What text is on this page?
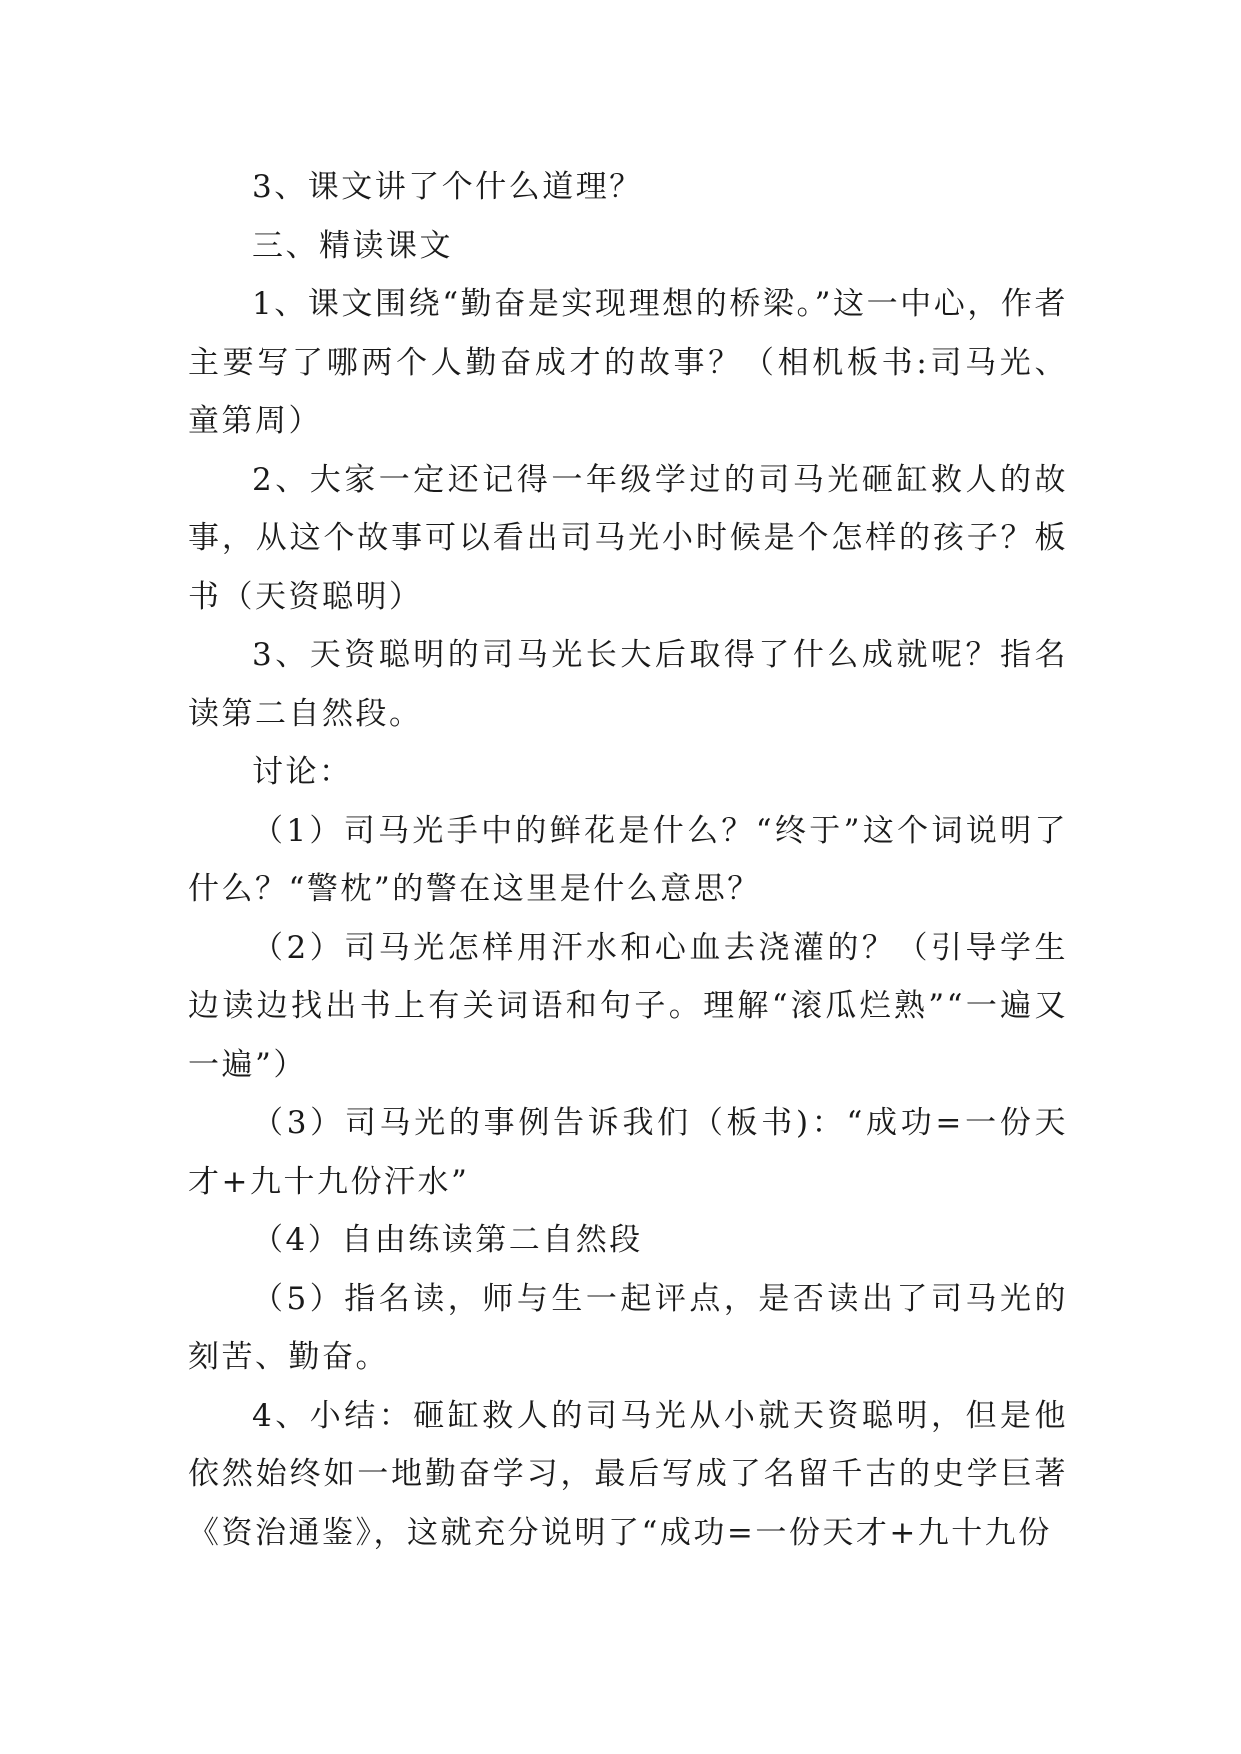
3、课文讲了个什么道理？

三、精读课文

1、课文围绕“勤奋是实现理想的桥梁。”这一中心，作者主要写了哪两个人勤奋成才的故事？（相机板书:司马光、童第周）

2、大家一定还记得一年级学过的司马光砸缸救人的故事，从这个故事可以看出司马光小时候是个怎样的孩子？板书（天资聪明）

3、天资聪明的司马光长大后取得了什么成就呢？指名读第二自然段。

讨论：

（1）司马光手中的鲜花是什么？“终于”这个词说明了什么？“警枕”的警在这里是什么意思？

（2）司马光怎样用汗水和心血去浇灌的？（引导学生边读边找出书上有关词语和句子。理解“滚瓜烂熟”“一遍又一遍”）

（3）司马光的事例告诉我们（板书)：“成功=一份天才+九十九份汗水”

（4）自由练读第二自然段

（5）指名读，师与生一起评点，是否读出了司马光的刻苦、勤奋。

4、小结：砸缸救人的司马光从小就天资聪明，但是他依然始终如一地勤奋学习，最后写成了名留千古的史学巨著《资治通鉴》，这就充分说明了“成功=一份天才+九十九份
